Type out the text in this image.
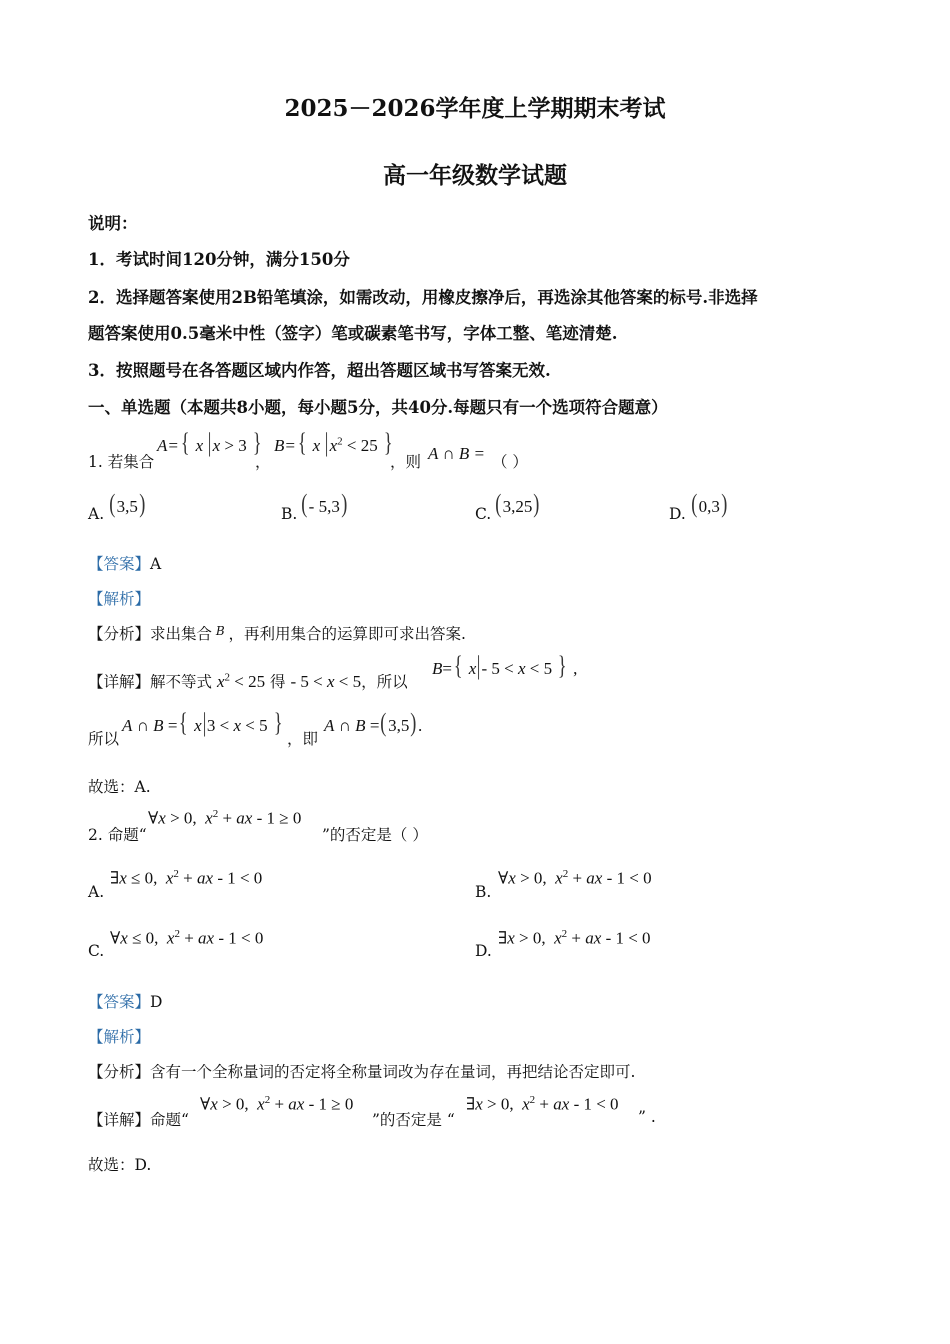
2025－2026学年度上学期期末考试
高一年级数学试题
说明：
1．考试时间120分钟，满分150分
2．选择题答案使用2B铅笔填涂，如需改动，用橡皮擦净后，再选涂其他答案的标号.非选择
题答案使用0.5毫米中性（签字）笔或碳素笔书写，字体工整、笔迹清楚.
3．按照题号在各答题区域内作答，超出答题区域书写答案无效.
一、单选题（本题共8小题，每小题5分，共40分.每题只有一个选项符合题意）
1. 若集合
A={ x |x > 3 }
，
B={ x $|x^2 < 25$ }
，则 A ∩ B = （ ）
A. (3,5)	B. (- 5,3)	C. (3,25)	D. (0,3)
【答案】A
【解析】
【分析】求出集合 $^B$ ，再利用集合的运算即可求出答案.
【详解】解不等式 $x^2 < 25$ 得 - 5 < x < 5，所以
B={ x|- 5 < x < 5 } ,
所以
A ∩ B ={ x|3 < x < 5 }
，即
A ∩ B =(3,5).
故选：A.
2. 命题“
∀x > 0,  $x^2$ + ax - 1 ≥ 0
”的否定是（ ）
A.
∃x ≤ 0,  $x^2$ + ax - 1 < 0
B.
∀x > 0,  $x^2$ + ax - 1 < 0
C.
∀x ≤ 0,  $x^2$ + ax - 1 < 0
D.
∃x > 0,  $x^2$ + ax - 1 < 0
【答案】D
【解析】
【分析】含有一个全称量词的否定将全称量词改为存在量词，再把结论否定即可.
【详解】命题“
∀x > 0,  $x^2$ + ax - 1 ≥ 0
”的否定是 “
∃x > 0,  $x^2$ + ax - 1 < 0
” .
故选：D.
